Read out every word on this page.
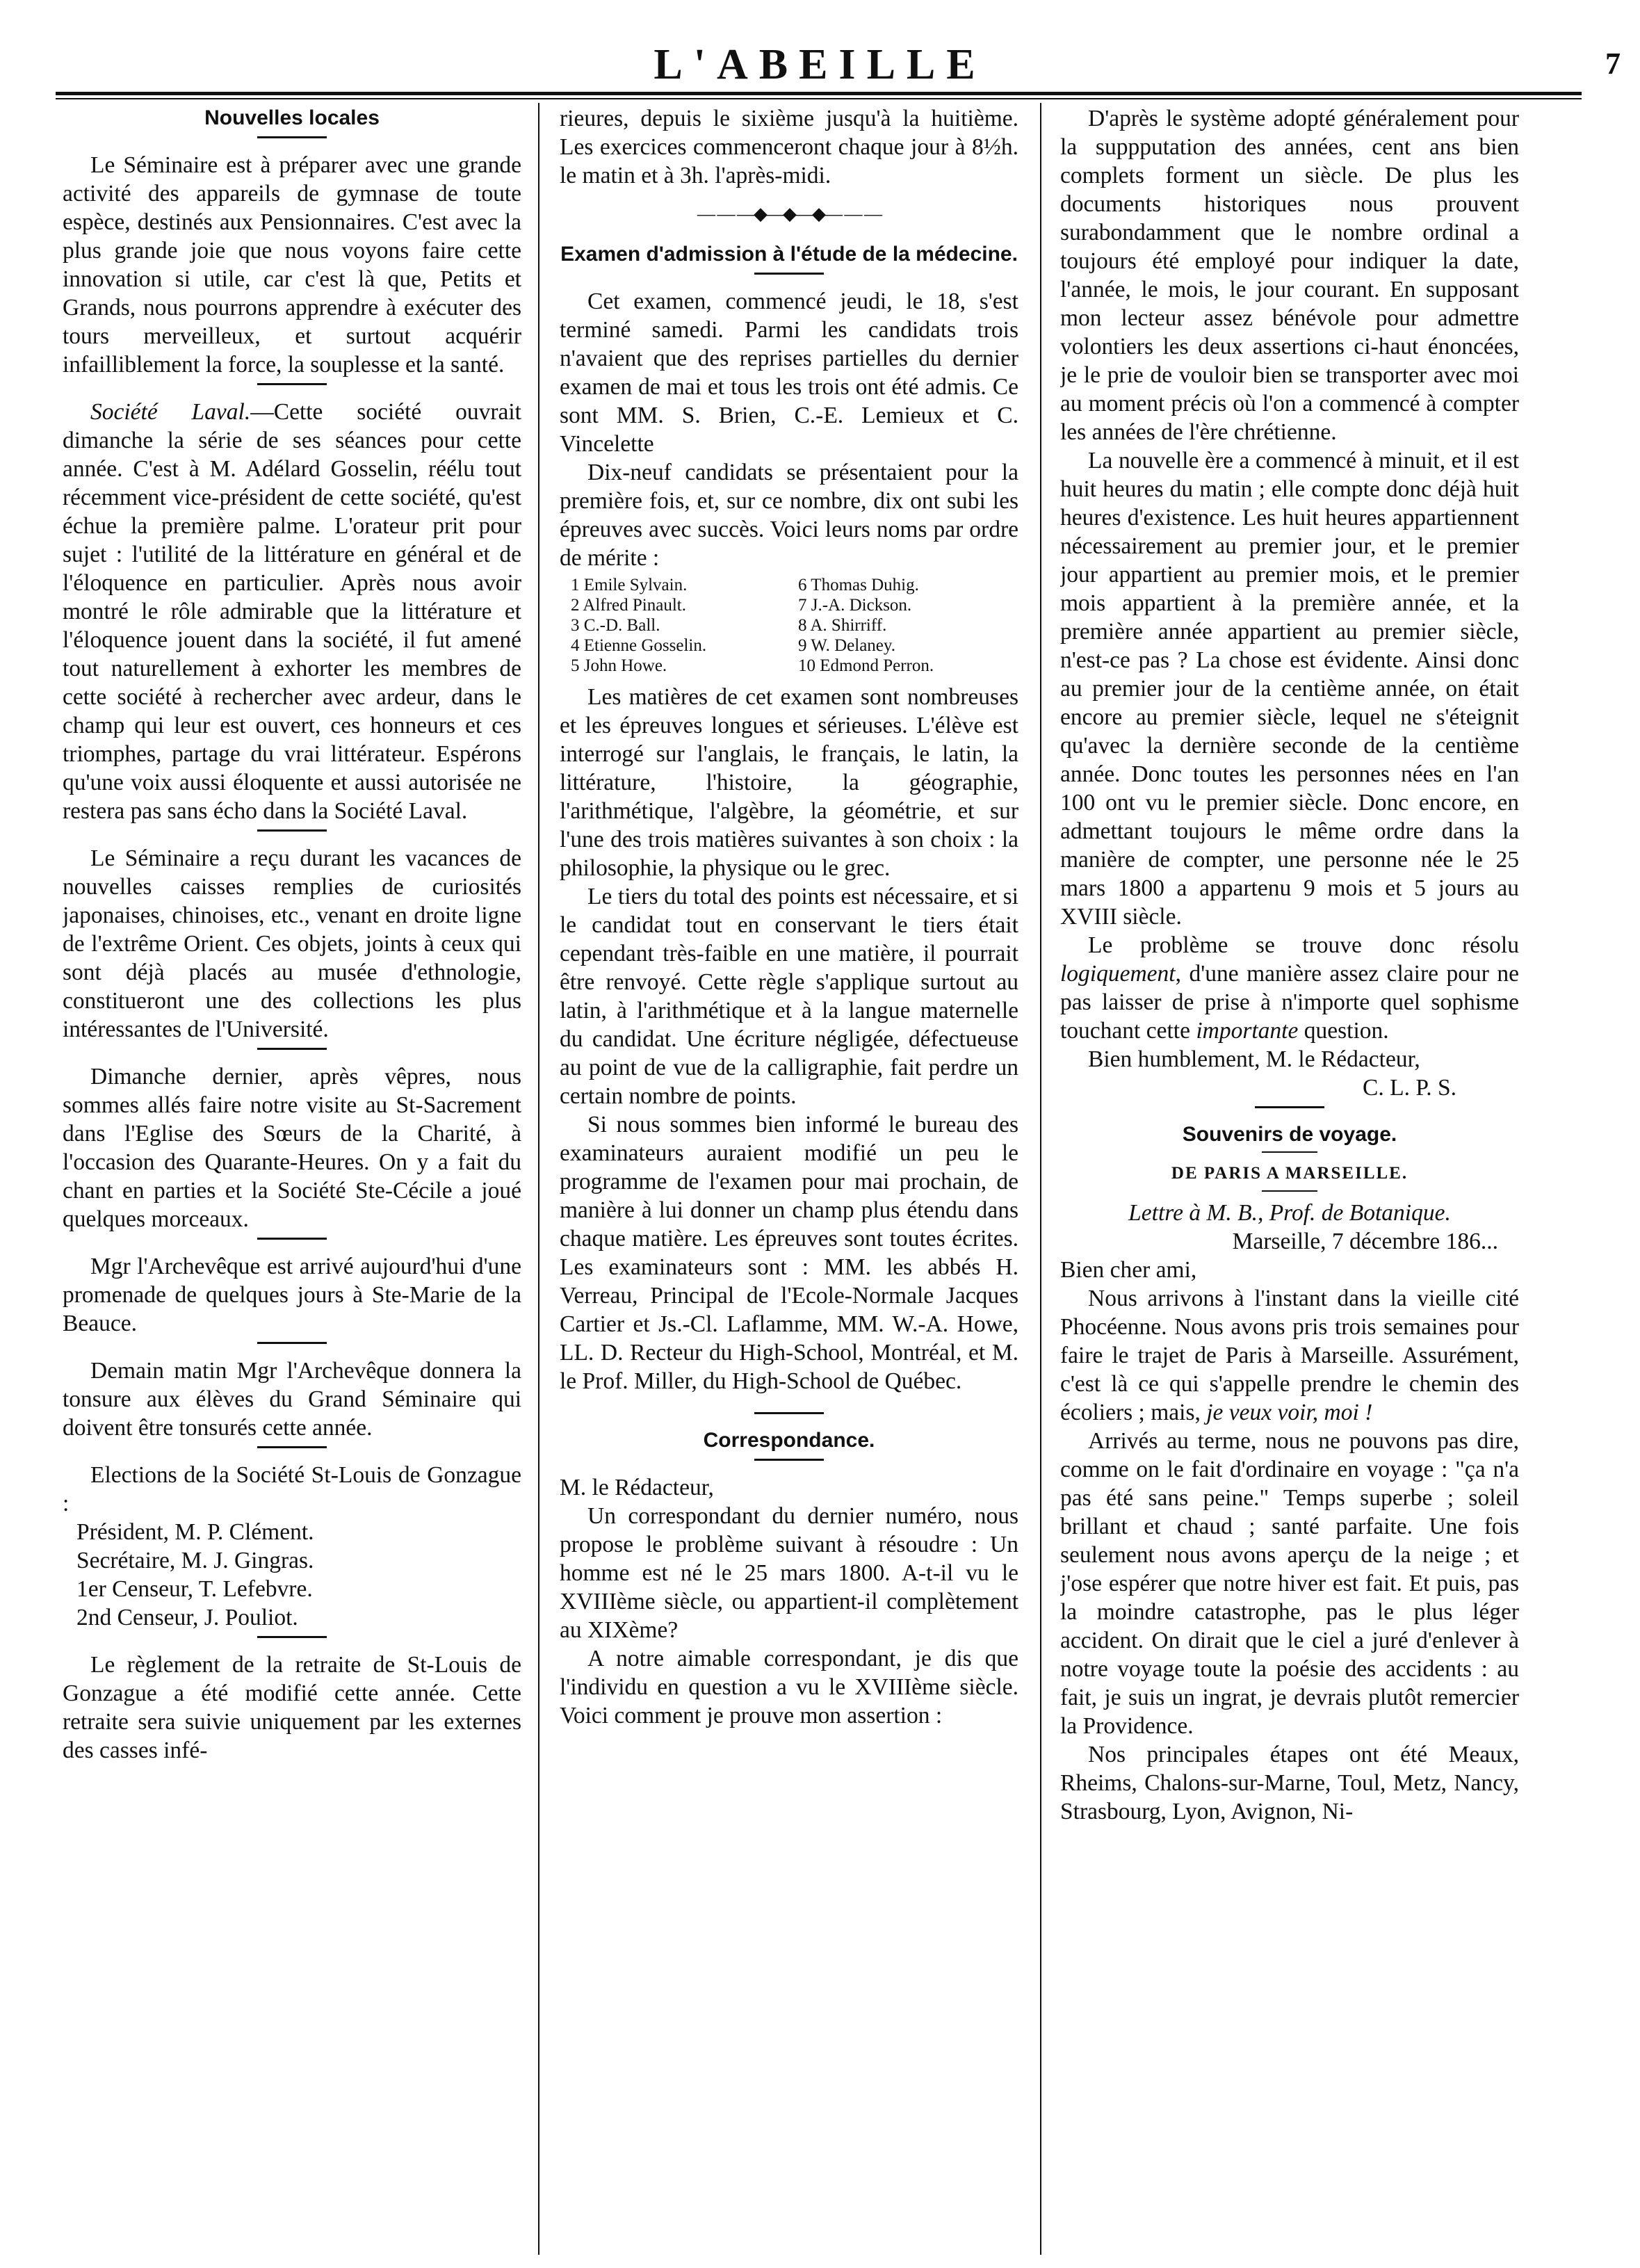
L'ABEILLE	7
Nouvelles locales

Le Séminaire est à préparer avec une grande activité des appareils de gymnase de toute espèce, destinés aux Pensionnaires. C'est avec la plus grande joie que nous voyons faire cette innovation si utile, car c'est là que, Petits et Grands, nous pourrons apprendre à exécuter des tours merveilleux, et surtout acquérir infailliblement la force, la souplesse et la santé.

Société Laval.—Cette société ouvrait dimanche la série de ses séances pour cette année. C'est à M. Adélard Gosselin, réélu tout récemment vice-président de cette société, qu'est échue la première palme. L'orateur prit pour sujet : l'utilité de la littérature en général et de l'éloquence en particulier. Après nous avoir montré le rôle admirable que la littérature et l'éloquence jouent dans la société, il fut amené tout naturellement à exhorter les membres de cette société à rechercher avec ardeur, dans le champ qui leur est ouvert, ces honneurs et ces triomphes, partage du vrai littérateur. Espérons qu'une voix aussi éloquente et aussi autorisée ne restera pas sans écho dans la Société Laval.

Le Séminaire a reçu durant les vacances de nouvelles caisses remplies de curiosités japonaises, chinoises, etc., venant en droite ligne de l'extrême Orient. Ces objets, joints à ceux qui sont déjà placés au musée d'ethnologie, constitueront une des collections les plus intéressantes de l'Université.

Dimanche dernier, après vêpres, nous sommes allés faire notre visite au St-Sacrement dans l'Eglise des Sœurs de la Charité, à l'occasion des Quarante-Heures. On y a fait du chant en parties et la Société Ste-Cécile a joué quelques morceaux.

Mgr l'Archevêque est arrivé aujourd'hui d'une promenade de quelques jours à Ste-Marie de la Beauce.

Demain matin Mgr l'Archevêque donnera la tonsure aux élèves du Grand Séminaire qui doivent être tonsurés cette année.

Elections de la Société St-Louis de Gonzague :

Président, M. P. Clément.
Secrétaire, M. J. Gingras.
1er Censeur, T. Lefebvre.
2nd Censeur, J. Pouliot.

Le règlement de la retraite de St-Louis de Gonzague a été modifié cette année. Cette retraite sera suivie uniquement par les externes des casses infé-

rieures, depuis le sixième jusqu'à la huitième. Les exercices commenceront chaque jour à 8½h. le matin et à 3h. l'après-midi.

— — —◆—◆—◆— — —
Examen d'admission à l'étude de la médecine.

Cet examen, commencé jeudi, le 18, s'est terminé samedi. Parmi les candidats trois n'avaient que des reprises partielles du dernier examen de mai et tous les trois ont été admis. Ce sont MM. S. Brien, C.-E. Lemieux et C. Vincelette

Dix-neuf candidats se présentaient pour la première fois, et, sur ce nombre, dix ont subi les épreuves avec succès. Voici leurs noms par ordre de mérite :

1 Emile Sylvain.	6 Thomas Duhig.
2 Alfred Pinault.	7 J.-A. Dickson.
3 C.-D. Ball.	8 A. Shirriff.
4 Etienne Gosselin.	9 W. Delaney.
5 John Howe.	10 Edmond Perron.

Les matières de cet examen sont nombreuses et les épreuves longues et sérieuses. L'élève est interrogé sur l'anglais, le français, le latin, la littérature, l'histoire, la géographie, l'arithmétique, l'algèbre, la géométrie, et sur l'une des trois matières suivantes à son choix : la philosophie, la physique ou le grec.

Le tiers du total des points est nécessaire, et si le candidat tout en conservant le tiers était cependant très-faible en une matière, il pourrait être renvoyé. Cette règle s'applique surtout au latin, à l'arithmétique et à la langue maternelle du candidat. Une écriture négligée, défectueuse au point de vue de la calligraphie, fait perdre un certain nombre de points.

Si nous sommes bien informé le bureau des examinateurs auraient modifié un peu le programme de l'examen pour mai prochain, de manière à lui donner un champ plus étendu dans chaque matière. Les épreuves sont toutes écrites. Les examinateurs sont : MM. les abbés H. Verreau, Principal de l'Ecole-Normale Jacques Cartier et Js.-Cl. Laflamme, MM. W.-A. Howe, LL. D. Recteur du High-School, Montréal, et M. le Prof. Miller, du High-School de Québec.

Correspondance.

M. le Rédacteur,

Un correspondant du dernier numéro, nous propose le problème suivant à résoudre : Un homme est né le 25 mars 1800. A-t-il vu le XVIIIème siècle, ou appartient-il complètement au XIXème?

A notre aimable correspondant, je dis que l'individu en question a vu le XVIIIème siècle. Voici comment je prouve mon assertion :

D'après le système adopté généralement pour la suppputation des années, cent ans bien complets forment un siècle. De plus les documents historiques nous prouvent surabondamment que le nombre ordinal a toujours été employé pour indiquer la date, l'année, le mois, le jour courant. En supposant mon lecteur assez bénévole pour admettre volontiers les deux assertions ci-haut énoncées, je le prie de vouloir bien se transporter avec moi au moment précis où l'on a commencé à compter les années de l'ère chrétienne.

La nouvelle ère a commencé à minuit, et il est huit heures du matin ; elle compte donc déjà huit heures d'existence. Les huit heures appartiennent nécessairement au premier jour, et le premier jour appartient au premier mois, et le premier mois appartient à la première année, et la première année appartient au premier siècle, n'est-ce pas ? La chose est évidente. Ainsi donc au premier jour de la centième année, on était encore au premier siècle, lequel ne s'éteignit qu'avec la dernière seconde de la centième année. Donc toutes les personnes nées en l'an 100 ont vu le premier siècle. Donc encore, en admettant toujours le même ordre dans la manière de compter, une personne née le 25 mars 1800 a appartenu 9 mois et 5 jours au XVIII siècle.

Le problème se trouve donc résolu logiquement, d'une manière assez claire pour ne pas laisser de prise à n'importe quel sophisme touchant cette importante question.

Bien humblement, M. le Rédacteur,

C. L. P. S.
Souvenirs de voyage.
DE PARIS A MARSEILLE.
Lettre à M. B., Prof. de Botanique.
Marseille, 7 décembre 186...

Bien cher ami,

Nous arrivons à l'instant dans la vieille cité Phocéenne. Nous avons pris trois semaines pour faire le trajet de Paris à Marseille. Assurément, c'est là ce qui s'appelle prendre le chemin des écoliers ; mais, je veux voir, moi !

Arrivés au terme, nous ne pouvons pas dire, comme on le fait d'ordinaire en voyage : "ça n'a pas été sans peine." Temps superbe ; soleil brillant et chaud ; santé parfaite. Une fois seulement nous avons aperçu de la neige ; et j'ose espérer que notre hiver est fait. Et puis, pas la moindre catastrophe, pas le plus léger accident. On dirait que le ciel a juré d'enlever à notre voyage toute la poésie des accidents : au fait, je suis un ingrat, je devrais plutôt remercier la Providence.

Nos principales étapes ont été Meaux, Rheims, Chalons-sur-Marne, Toul, Metz, Nancy, Strasbourg, Lyon, Avignon, Ni-
